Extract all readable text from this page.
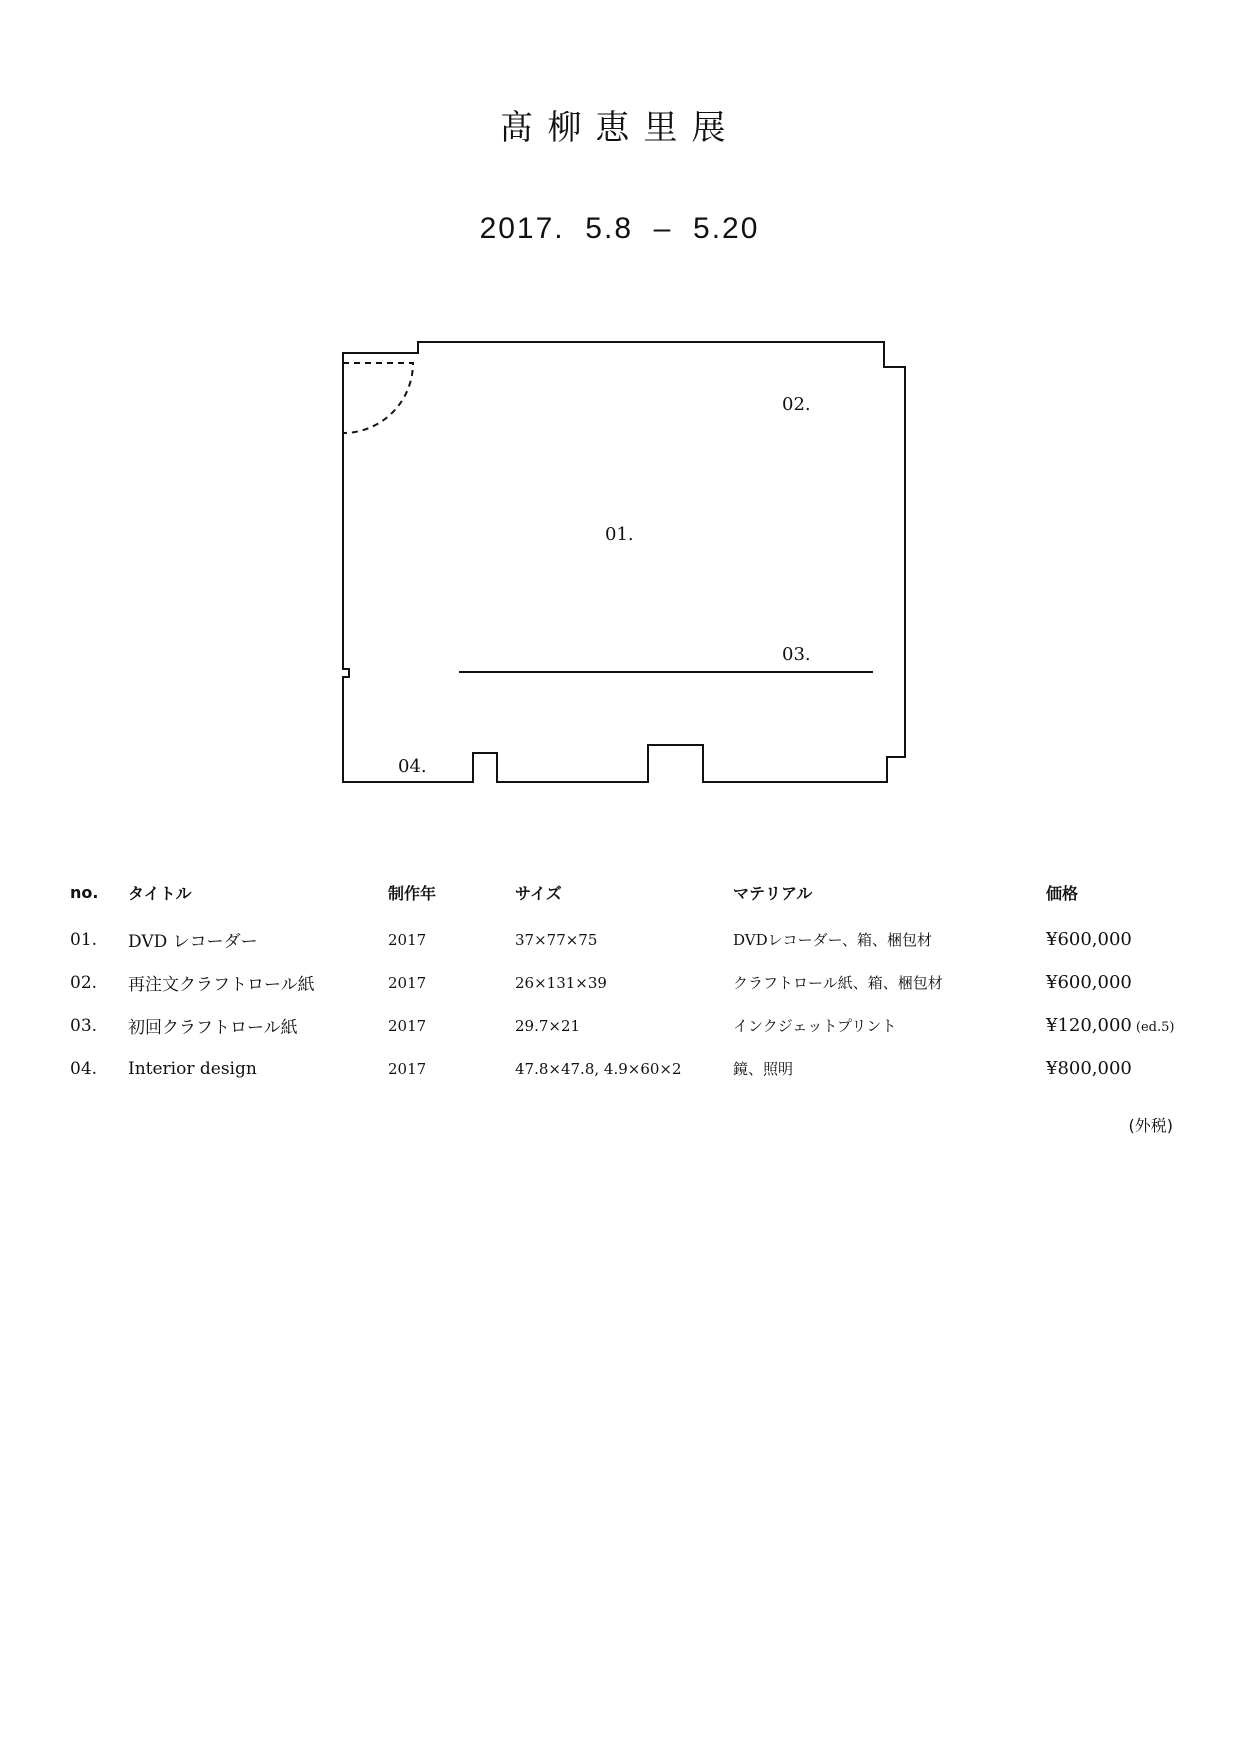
髙柳恵里展
2017.  5.8  –  5.20
01.
02.
03.
04.
no.	タイトル	制作年	サイズ	マテリアル	価格
01.	DVD レコーダー	2017	37×77×75	DVDレコーダー、箱、梱包材	¥600,000
02.	再注文クラフトロール紙	2017	26×131×39	クラフトロール紙、箱、梱包材	¥600,000
03.	初回クラフトロール紙	2017	29.7×21	インクジェットプリント	¥120,000 (ed.5)
04.	Interior design	2017	47.8×47.8, 4.9×60×2	鏡、照明	¥800,000
(外税)
